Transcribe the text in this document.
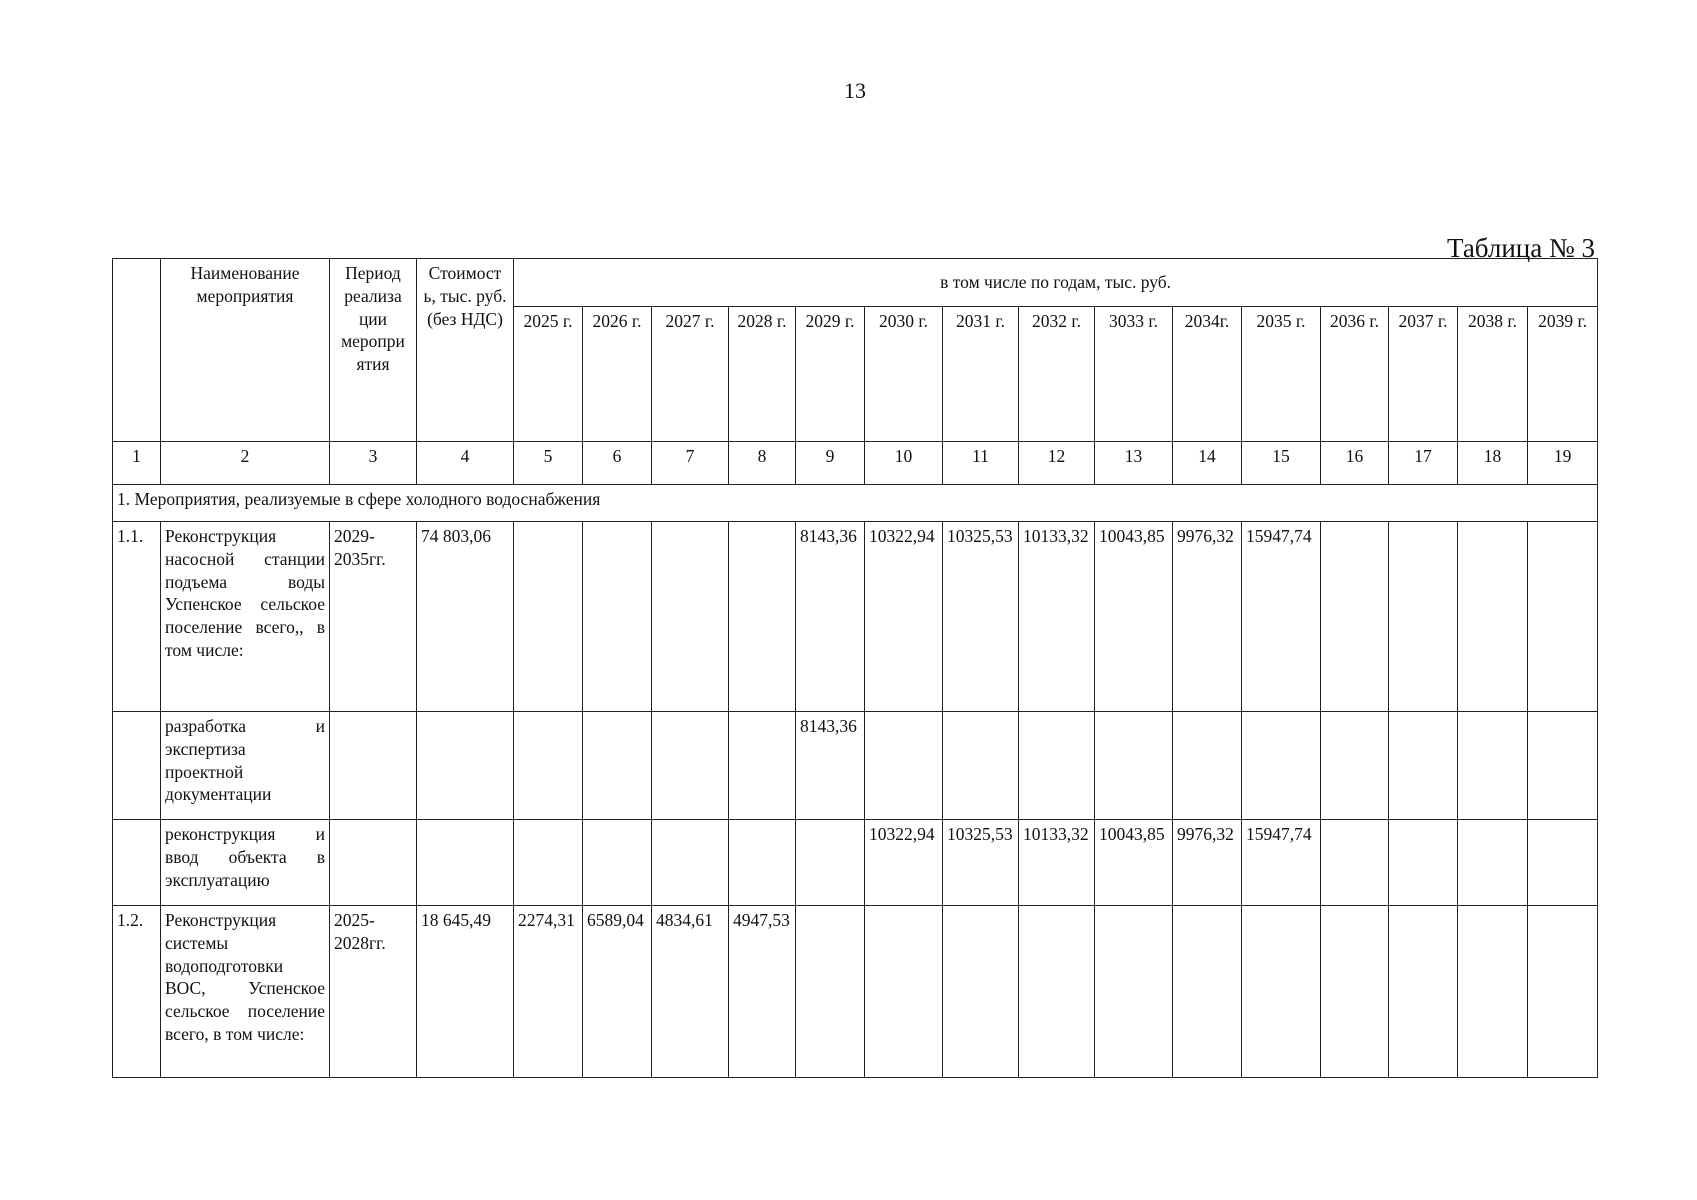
13
Таблица № 3
	Наименование мероприятия	Период реализа ции меропри ятия	Стоимост ь, тыс. руб. (без НДС)	в том числе по годам, тыс. руб.														
				2025 г.	2026 г.	2027 г.	2028 г.	2029 г.	2030 г.	2031 г.	2032 г.	3033 г.	2034г.	2035 г.	2036 г.	2037 г.	2038 г.	2039 г.
1	2	3	4	5	6	7	8	9	10	11	12	13	14	15	16	17	18	19
1. Мероприятия, реализуемые в сфере холодного водоснабжения																		
1.1.	Реконструкция насосной станции подъема воды Успенское сельское поселение всего,, в том числе:	2029-2035гг.	74 803,06					8143,36	10322,94	10325,53	10133,32	10043,85	9976,32	15947,74				
	разработка и экспертиза проектной документации							8143,36										
	реконструкция и ввод объекта в эксплуатацию								10322,94	10325,53	10133,32	10043,85	9976,32	15947,74				
1.2.	Реконструкция системы водоподготовки ВОС, Успенское сельское поселение всего, в том числе:	2025-2028гг.	18 645,49	2274,31	6589,04	4834,61	4947,53											
